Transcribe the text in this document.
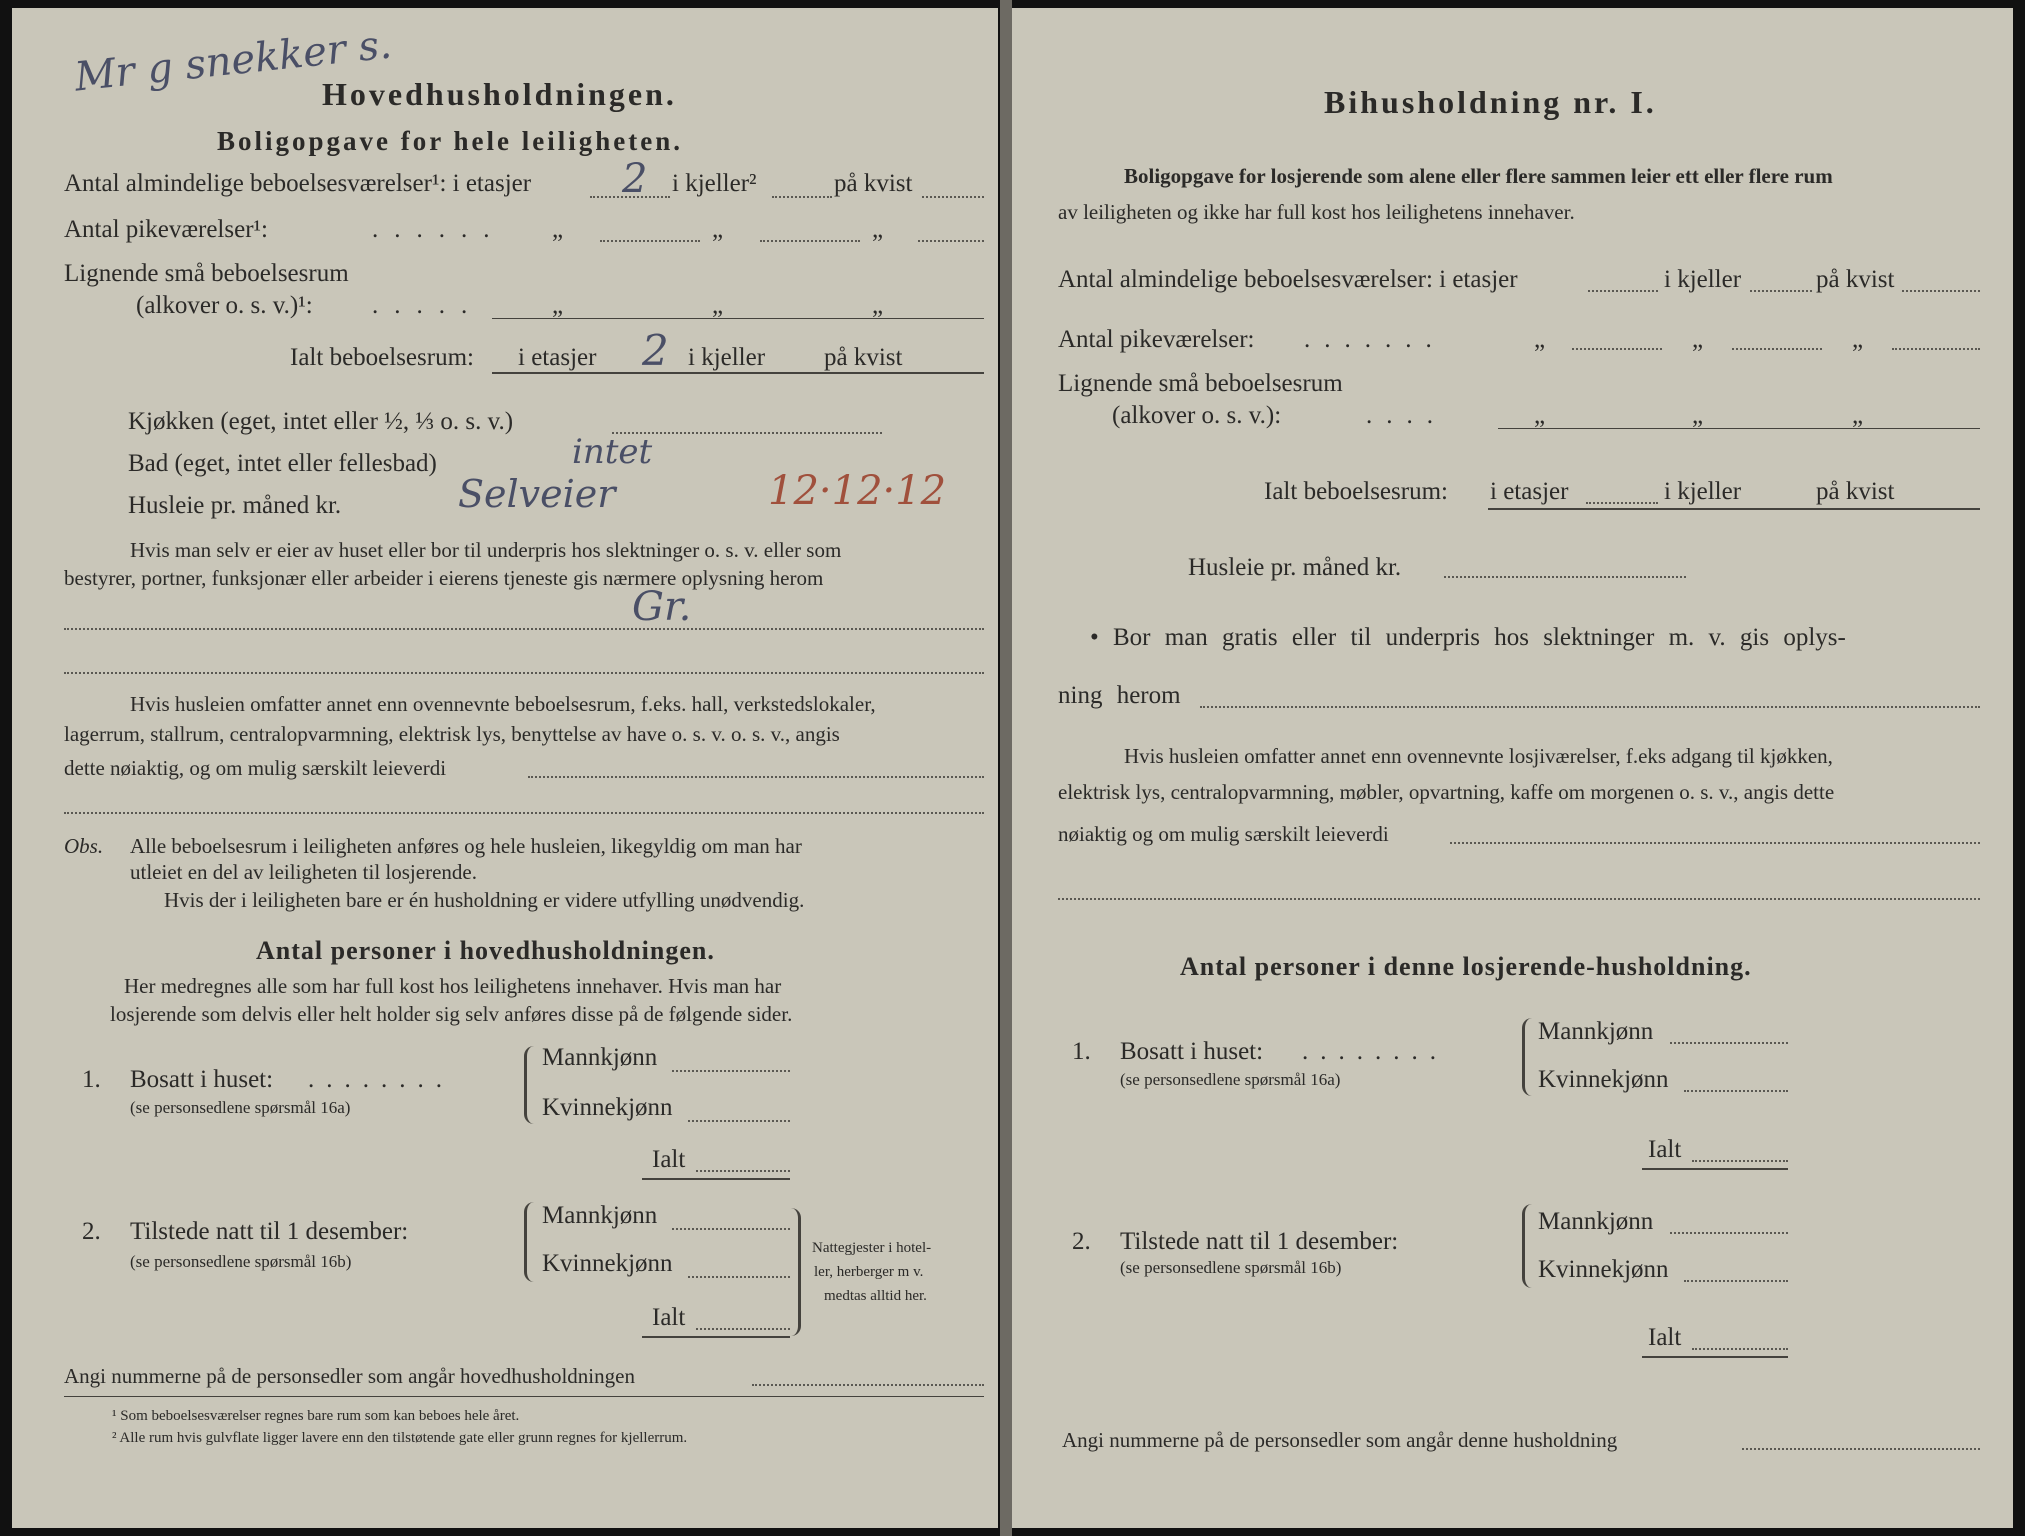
Mr g snekker s.
Hovedhusholdningen.
Boligopgave for hele leiligheten.
Antal almindelige beboelsesværelser¹: i etasjer 2 i kjeller²	på kvist
Antal pikeværelser¹:	...... „	„	„
Lignende små beboelsesrum
(alkover o. s. v.)¹: .....	„	„	„
Ialt beboelsesrum: i etasjer 2 i kjeller på kvist
Kjøkken (eget, intet eller ½, ⅓ o. s. v.)
Bad (eget, intet eller fellesbad)	intet
Husleie pr. måned kr.	Selveier	12·12·12
Hvis man selv er eier av huset eller bor til underpris hos slektninger o. s. v. eller som
bestyrer, portner, funksjonær eller arbeider i eierens tjeneste gis nærmere oplysning herom
Gr.
Hvis husleien omfatter annet enn ovennevnte beboelsesrum, f.eks. hall, verkstedslokaler,
lagerrum, stallrum, centralopvarmning, elektrisk lys, benyttelse av have o. s. v. o. s. v., angis
dette nøiaktig, og om mulig særskilt leieverdi
Obs. Alle beboelsesrum i leiligheten anføres og hele husleien, likegyldig om man har
utleiet en del av leiligheten til losjerende.
Hvis der i leiligheten bare er én husholdning er videre utfylling unødvendig.
Antal personer i hovedhusholdningen.
Her medregnes alle som har full kost hos leilighetens innehaver. Hvis man har
losjerende som delvis eller helt holder sig selv anføres disse på de følgende sider.
1. Bosatt i huset: ........
(se personsedlene spørsmål 16a)
Mannkjønn
Kvinnekjønn
Ialt
2. Tilstede natt til 1 desember:
(se personsedlene spørsmål 16b)
Mannkjønn
Kvinnekjønn
Ialt
Nattegjester i hotel-
ler, herberger m v.
medtas alltid her.
Angi nummerne på de personsedler som angår hovedhusholdningen
¹ Som beboelsesværelser regnes bare rum som kan beboes hele året.
² Alle rum hvis gulvflate ligger lavere enn den tilstøtende gate eller grunn regnes for kjellerrum.
Bihusholdning nr. I.
Boligopgave for losjerende som alene eller flere sammen leier ett eller flere rum
av leiligheten og ikke har full kost hos leilighetens innehaver.
Antal almindelige beboelsesværelser: i etasjer	i kjeller	på kvist
Antal pikeværelser: .......	„	„	„
Lignende små beboelsesrum
(alkover o. s. v.):	....	„	„	„
Ialt beboelsesrum: i etasjer	i kjeller	på kvist
Husleie pr. måned kr.
• Bor man gratis eller til underpris hos slektninger m. v. gis oplys-
ning herom
Hvis husleien omfatter annet enn ovennevnte losjiværelser, f.eks adgang til kjøkken,
elektrisk lys, centralopvarmning, møbler, opvartning, kaffe om morgenen o. s. v., angis dette
nøiaktig og om mulig særskilt leieverdi
Antal personer i denne losjerende-husholdning.
1. Bosatt i huset: ........
(se personsedlene spørsmål 16a)
Mannkjønn
Kvinnekjønn
Ialt
2. Tilstede natt til 1 desember:
(se personsedlene spørsmål 16b)
Mannkjønn
Kvinnekjønn
Ialt
Angi nummerne på de personsedler som angår denne husholdning
